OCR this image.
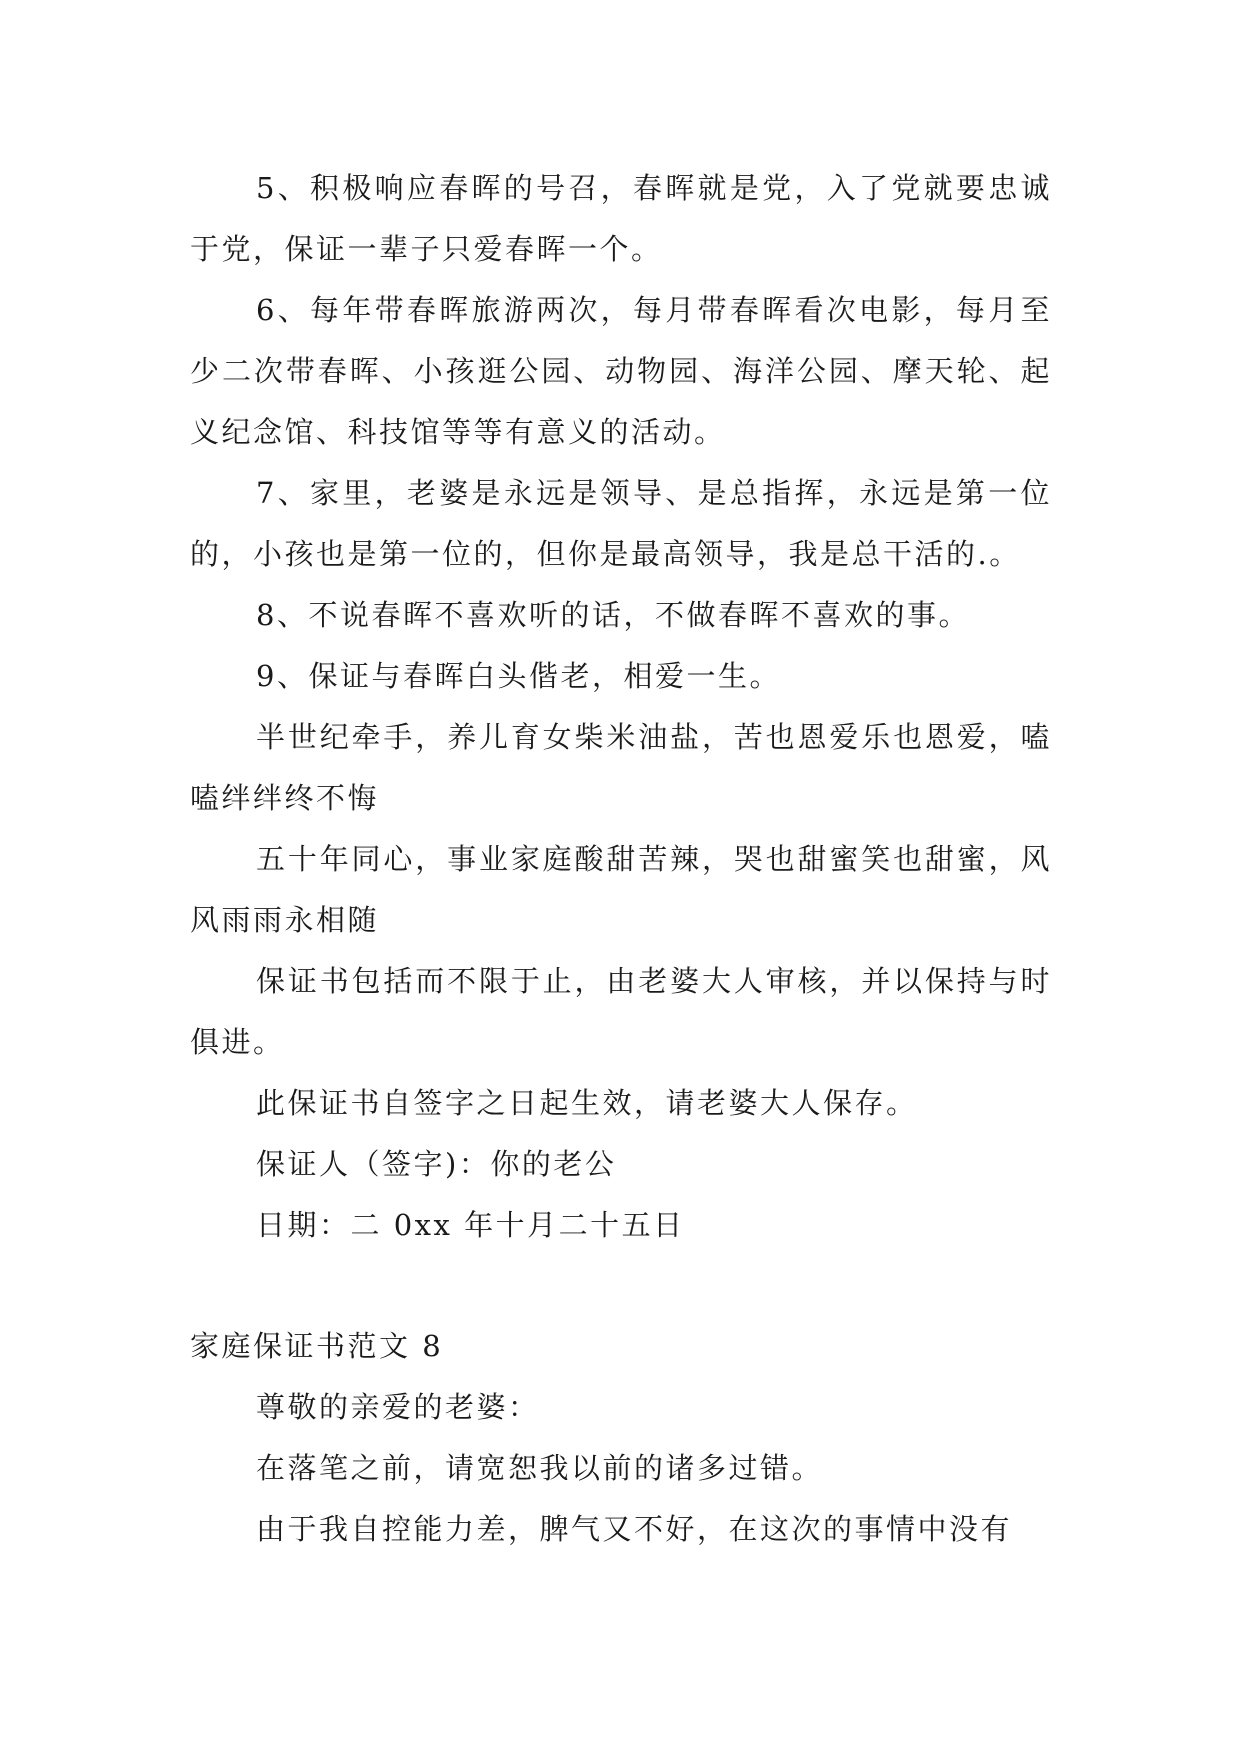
5、积极响应春晖的号召，春晖就是党，入了党就要忠诚于党，保证一辈子只爱春晖一个。

6、每年带春晖旅游两次，每月带春晖看次电影，每月至少二次带春晖、小孩逛公园、动物园、海洋公园、摩天轮、起义纪念馆、科技馆等等有意义的活动。

7、家里，老婆是永远是领导、是总指挥，永远是第一位的，小孩也是第一位的，但你是最高领导，我是总干活的.。

8、不说春晖不喜欢听的话，不做春晖不喜欢的事。

9、保证与春晖白头偕老，相爱一生。

半世纪牵手，养儿育女柴米油盐，苦也恩爱乐也恩爱，嗑嗑绊绊终不悔

五十年同心，事业家庭酸甜苦辣，哭也甜蜜笑也甜蜜，风风雨雨永相随

保证书包括而不限于止，由老婆大人审核，并以保持与时俱进。

此保证书自签字之日起生效，请老婆大人保存。

保证人（签字)：你的老公

日期：二 0xx 年十月二十五日

家庭保证书范文 8

尊敬的亲爱的老婆：

在落笔之前，请宽恕我以前的诸多过错。

由于我自控能力差，脾气又不好，在这次的事情中没有
